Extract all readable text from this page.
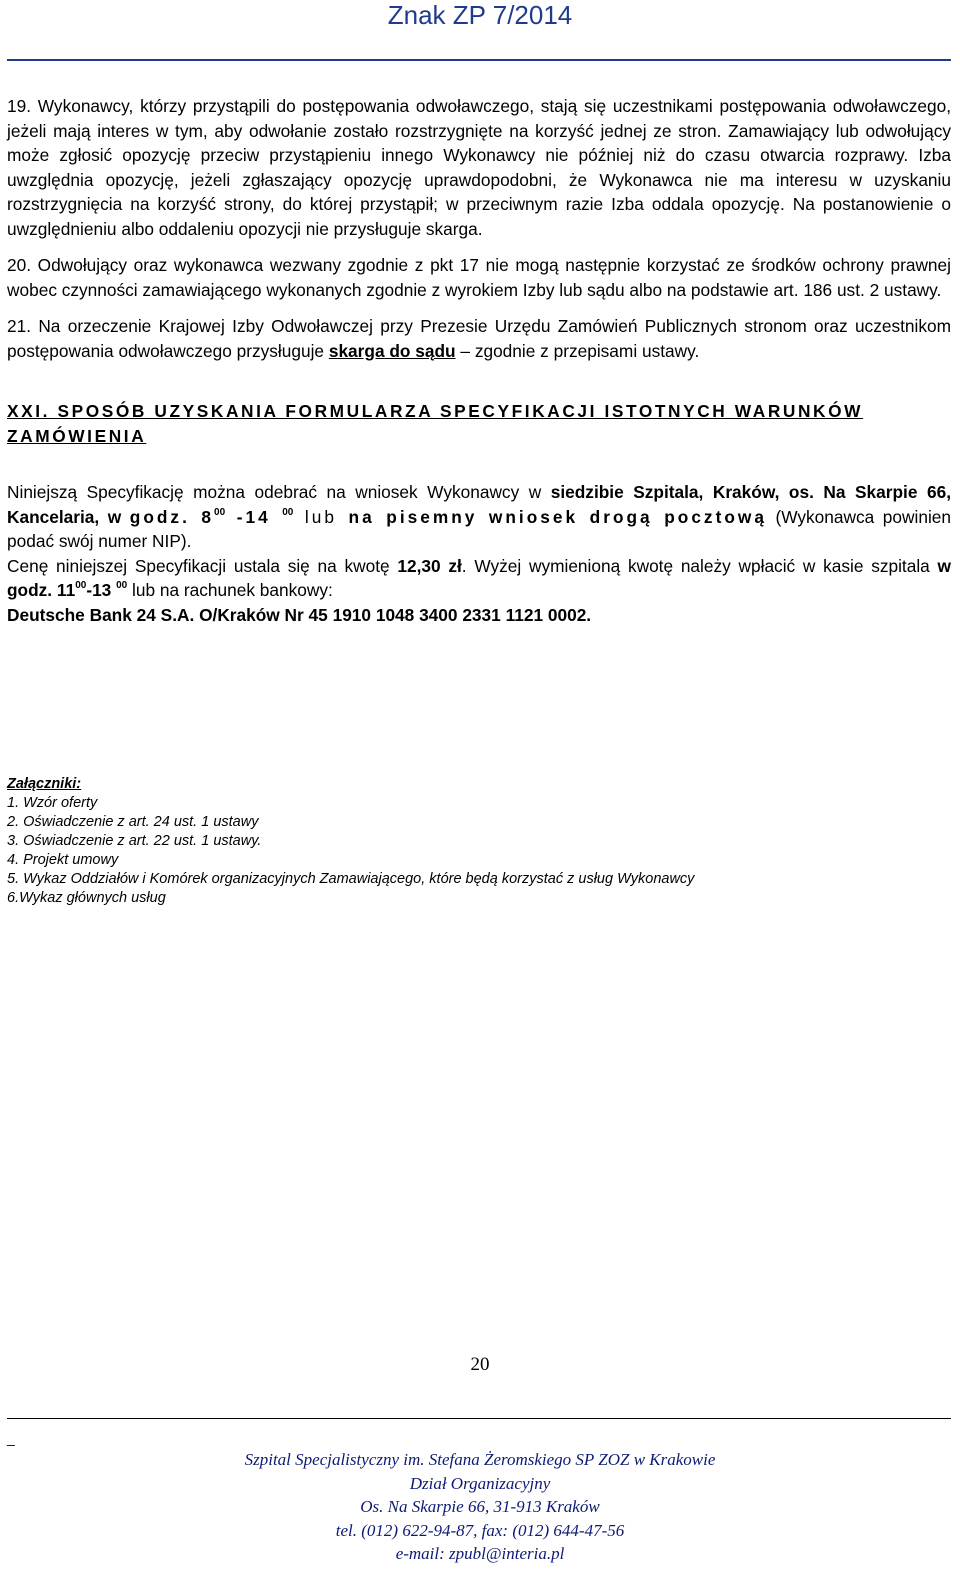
Znak ZP 7/2014

19. Wykonawcy, którzy przystąpili do postępowania odwoławczego, stają się uczestnikami postępowania odwoławczego, jeżeli mają interes w tym, aby odwołanie zostało rozstrzygnięte na korzyść jednej ze stron. Zamawiający lub odwołujący może zgłosić opozycję przeciw przystąpieniu innego Wykonawcy nie później niż do czasu otwarcia rozprawy. Izba uwzględnia opozycję, jeżeli zgłaszający opozycję uprawdopodobni, że Wykonawca nie ma interesu w uzyskaniu rozstrzygnięcia na korzyść strony, do której przystąpił; w przeciwnym razie Izba oddala opozycję. Na postanowienie o uwzględnieniu albo oddaleniu opozycji nie przysługuje skarga.

20. Odwołujący oraz wykonawca wezwany zgodnie z pkt 17 nie mogą następnie korzystać ze środków ochrony prawnej wobec czynności zamawiającego wykonanych zgodnie z wyrokiem Izby lub sądu albo na podstawie art. 186 ust. 2 ustawy.

21. Na orzeczenie Krajowej Izby Odwoławczej przy Prezesie Urzędu Zamówień Publicznych stronom oraz uczestnikom postępowania odwoławczego przysługuje skarga do sądu – zgodnie z przepisami ustawy.

XXI. SPOSÓB UZYSKANIA FORMULARZA SPECYFIKACJI ISTOTNYCH WARUNKÓW ZAMÓWIENIA

Niniejszą Specyfikację można odebrać na wniosek Wykonawcy w siedzibie Szpitala, Kraków, os. Na Skarpie 66, Kancelaria, w godz. $8^{00}$ -14 $^{00}$ lub na pisemny wniosek drogą pocztową (Wykonawca powinien podać swój numer NIP).

Cenę niniejszej Specyfikacji ustala się na kwotę 12,30 zł. Wyżej wymienioną kwotę należy wpłacić w kasie szpitala w godz. $11^{00}-13$ $^{00}$ lub na rachunek bankowy:

Deutsche Bank 24 S.A. O/Kraków Nr 45 1910 1048 3400 2331 1121 0002.

Załączniki:
1. Wzór oferty
2. Oświadczenie z art. 24 ust. 1 ustawy
3. Oświadczenie z art. 22 ust. 1 ustawy.
4. Projekt umowy
5. Wykaz Oddziałów i Komórek organizacyjnych Zamawiającego, które będą korzystać z usług Wykonawcy
6.Wykaz głównych usług
20
_
Szpital Specjalistyczny im. Stefana Żeromskiego SP ZOZ w Krakowie
Dział Organizacyjny
Os. Na Skarpie 66, 31-913 Kraków
tel. (012) 622-94-87, fax: (012) 644-47-56
e-mail: zpubl@interia.pl
